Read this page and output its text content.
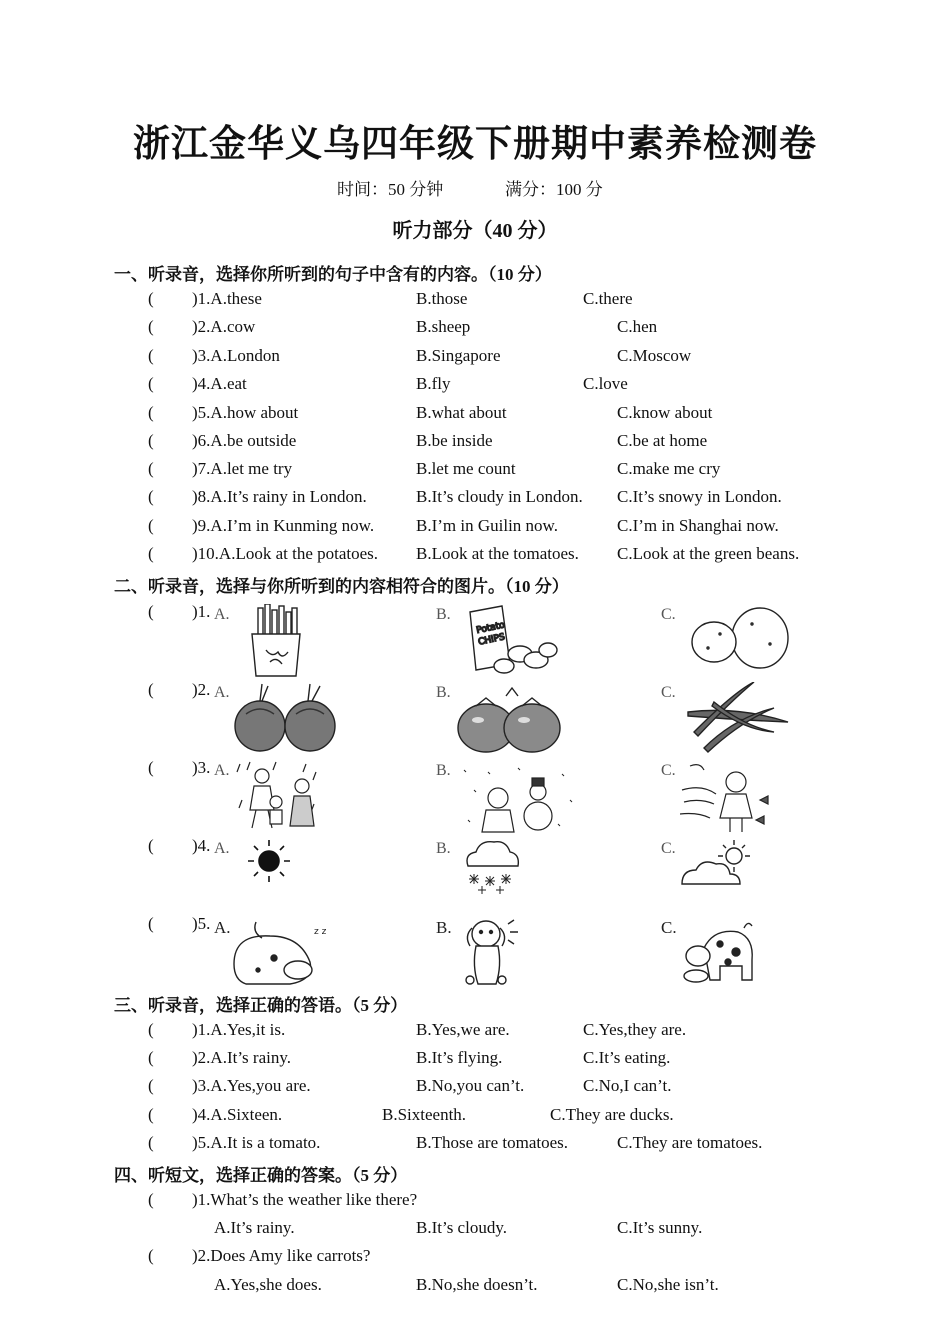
浙江金华义乌四年级下册期中素养检测卷
时间：50 分钟	满分：100 分
听力部分（40 分）
一、听录音，选择你所听到的句子中含有的内容。（10 分）
( )1.A.these	B.those	C.there
( )2.A.cow	B.sheep	C.hen
( )3.A.London	B.Singapore	C.Moscow
( )4.A.eat	B.fly	C.love
( )5.A.how about	B.what about	C.know about
( )6.A.be outside	B.be inside	C.be at home
( )7.A.let me try	B.let me count	C.make me cry
( )8.A.It’s rainy in London.	B.It’s cloudy in London. C.It’s snowy in London.
( )9.A.I’m in Kunming now. B.I’m in Guilin now.	C.I’m in Shanghai now.
( )10.A.Look at the potatoes. B.Look at the tomatoes. C.Look at the green beans.
二、听录音，选择与你所听到的内容相符合的图片。（10 分）
( )1. A.	B.	C.
Potato
CHIPS
( )2. A.	B.	C.
( )3. A.	B.	C.
( )4. A.	B.	C.
( )5. A.	B.	C.
z z
三、听录音，选择正确的答语。（5 分）
( )1.A.Yes,it is.	B.Yes,we are.	C.Yes,they are.
( )2.A.It’s rainy.	B.It’s flying.	C.It’s eating.
( )3.A.Yes,you are.	B.No,you can’t.	C.No,I can’t.
( )4.A.Sixteen.	B.Sixteenth.	C.They are ducks.
( )5.A.It is a tomato.	B.Those are tomatoes.	C.They are tomatoes.
四、听短文，选择正确的答案。（5 分）
( )1.What’s the weather like there?
A.It’s rainy.	B.It’s cloudy.	C.It’s sunny.
( )2.Does Amy like carrots?
A.Yes,she does.	B.No,she doesn’t.	C.No,she isn’t.
